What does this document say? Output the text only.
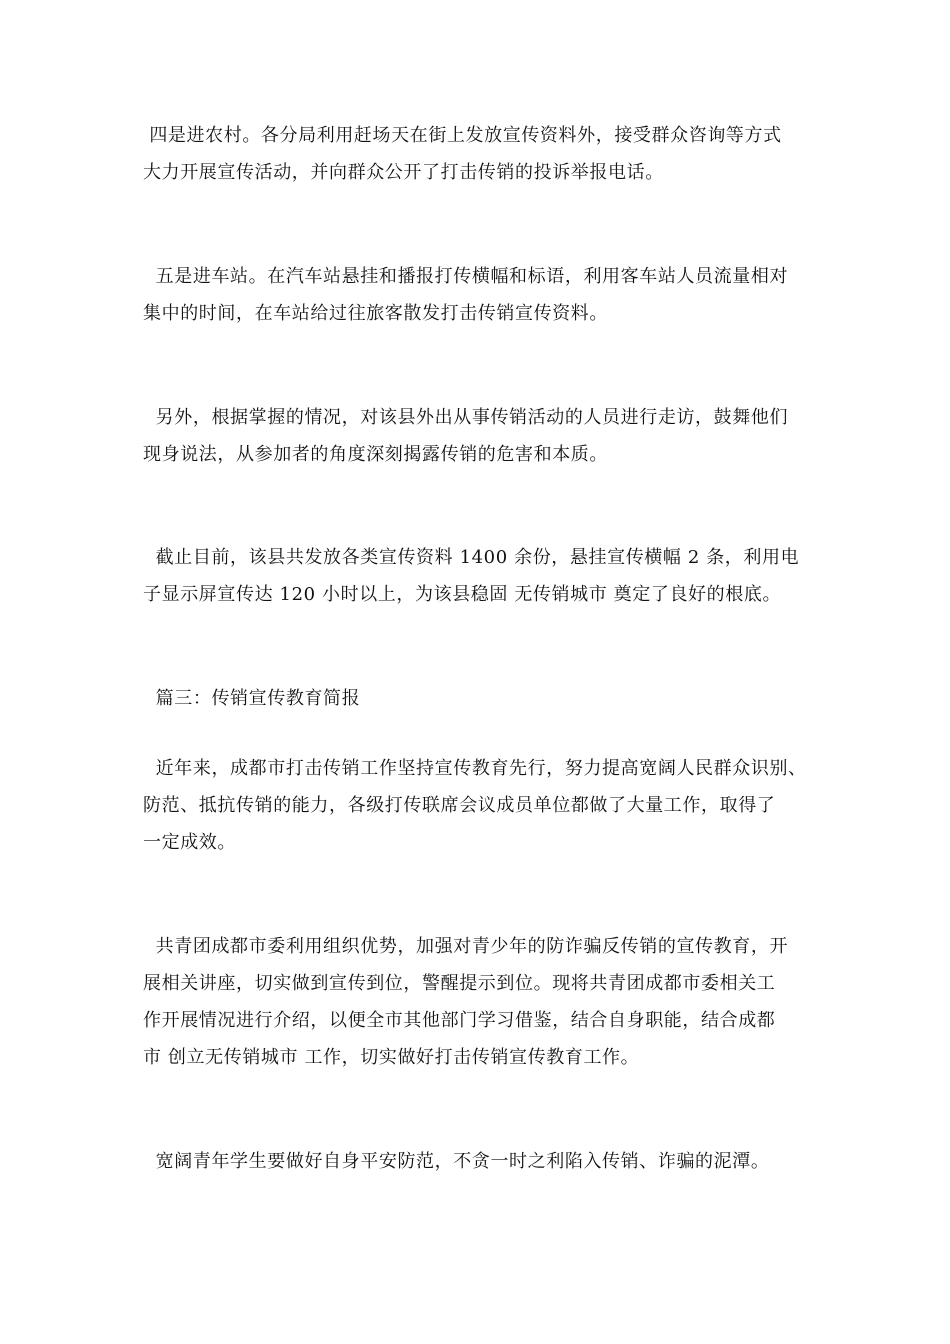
四是进农村。各分局利用赶场天在街上发放宣传资料外，接受群众咨询等方式
大力开展宣传活动，并向群众公开了打击传销的投诉举报电话。
五是进车站。在汽车站悬挂和播报打传横幅和标语，利用客车站人员流量相对
集中的时间，在车站给过往旅客散发打击传销宣传资料。
另外，根据掌握的情况，对该县外出从事传销活动的人员进行走访，鼓舞他们
现身说法，从参加者的角度深刻揭露传销的危害和本质。
截止目前，该县共发放各类宣传资料 1400 余份，悬挂宣传横幅 2 条，利用电
子显示屏宣传达 120 小时以上，为该县稳固 无传销城市 奠定了良好的根底。
篇三：传销宣传教育简报
近年来，成都市打击传销工作坚持宣传教育先行，努力提高宽阔人民群众识别、
防范、抵抗传销的能力，各级打传联席会议成员单位都做了大量工作，取得了
一定成效。
共青团成都市委利用组织优势，加强对青少年的防诈骗反传销的宣传教育，开
展相关讲座，切实做到宣传到位，警醒提示到位。现将共青团成都市委相关工
作开展情况进行介绍，以便全市其他部门学习借鉴，结合自身职能，结合成都
市 创立无传销城市 工作，切实做好打击传销宣传教育工作。
宽阔青年学生要做好自身平安防范，不贪一时之利陷入传销、诈骗的泥潭。
